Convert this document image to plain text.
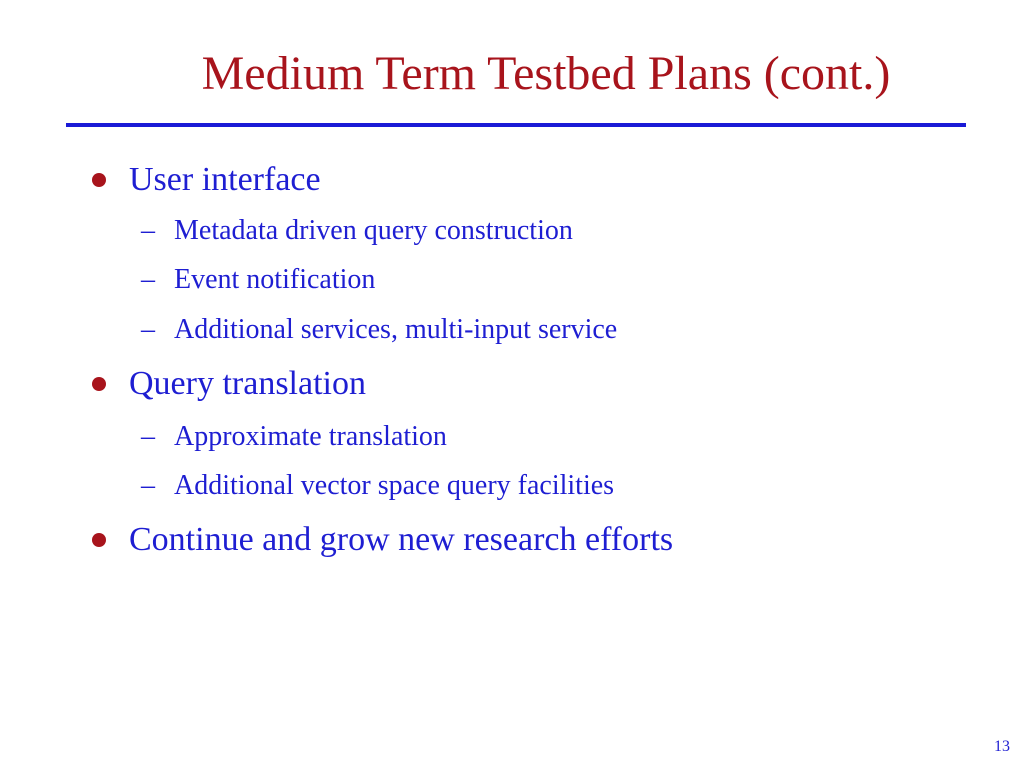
Medium Term Testbed Plans (cont.)
User interface
– Metadata driven query construction
– Event notification
– Additional services, multi-input service
Query translation
– Approximate translation
– Additional vector space query facilities
Continue and grow new research efforts
13
